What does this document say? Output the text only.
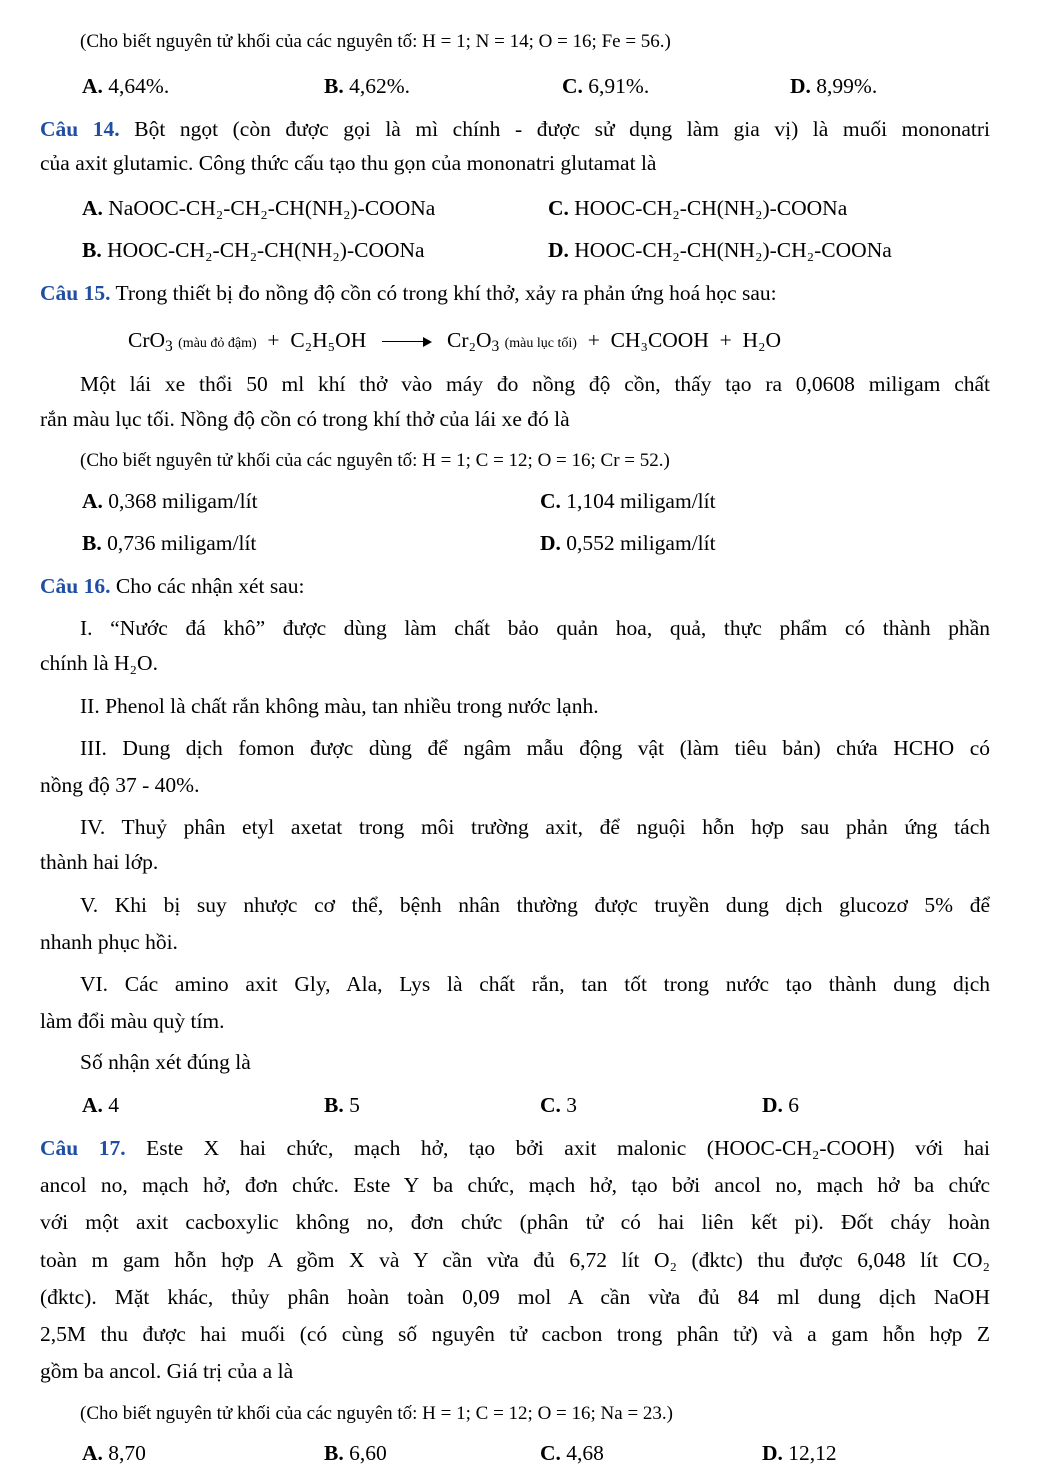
(Cho biết nguyên tử khối của các nguyên tố: H = 1; N = 14; O = 16; Fe = 56.)
A. 4,64%.	B. 4,62%.	C. 6,91%.	D. 8,99%.
Câu 14. Bột ngọt (còn được gọi là mì chính - được sử dụng làm gia vị) là muối mononatri
của axit glutamic. Công thức cấu tạo thu gọn của mononatri glutamat là
A. NaOOC-CH₂-CH₂-CH(NH₂)-COONa	C. HOOC-CH₂-CH(NH₂)-COONa
B. HOOC-CH₂-CH₂-CH(NH₂)-COONa	D. HOOC-CH₂-CH(NH₂)-CH₂-COONa
Câu 15. Trong thiết bị đo nồng độ cồn có trong khí thở, xảy ra phản ứng hoá học sau:
CrO$_3$ (màu đỏ đậm) + C₂H₅OH	$Cr_2O_3$ (màu lục tối) + CH₃COOH + H₂O
Một lái xe thổi 50 ml khí thở vào máy đo nồng độ cồn, thấy tạo ra 0,0608 miligam chất
rắn màu lục tối. Nồng độ cồn có trong khí thở của lái xe đó là
(Cho biết nguyên tử khối của các nguyên tố: H = 1; C = 12; O = 16; Cr = 52.)
A. 0,368 miligam/lít	C. 1,104 miligam/lít
B. 0,736 miligam/lít	D. 0,552 miligam/lít
Câu 16. Cho các nhận xét sau:
I. “Nước đá khô” được dùng làm chất bảo quản hoa, quả, thực phẩm có thành phần
chính là H₂O.
II. Phenol là chất rắn không màu, tan nhiều trong nước lạnh.
III. Dung dịch fomon được dùng để ngâm mẫu động vật (làm tiêu bản) chứa HCHO có
nồng độ 37 - 40%.
IV. Thuỷ phân etyl axetat trong môi trường axit, để nguội hỗn hợp sau phản ứng tách
thành hai lớp.
V. Khi bị suy nhược cơ thể, bệnh nhân thường được truyền dung dịch glucozơ 5% để
nhanh phục hồi.
VI. Các amino axit Gly, Ala, Lys là chất rắn, tan tốt trong nước tạo thành dung dịch
làm đổi màu quỳ tím.
Số nhận xét đúng là
A. 4	B. 5	C. 3	D. 6
Câu 17. Este X hai chức, mạch hở, tạo bởi axit malonic (HOOC-CH₂-COOH) với hai
ancol no, mạch hở, đơn chức. Este Y ba chức, mạch hở, tạo bởi ancol no, mạch hở ba chức
với một axit cacboxylic không no, đơn chức (phân tử có hai liên kết pi). Đốt cháy hoàn
toàn m gam hỗn hợp A gồm X và Y cần vừa đủ 6,72 lít O₂ (đktc) thu được 6,048 lít CO₂
(đktc). Mặt khác, thủy phân hoàn toàn 0,09 mol A cần vừa đủ 84 ml dung dịch NaOH
2,5M thu được hai muối (có cùng số nguyên tử cacbon trong phân tử) và a gam hỗn hợp Z
gồm ba ancol. Giá trị của a là
(Cho biết nguyên tử khối của các nguyên tố: H = 1; C = 12; O = 16; Na = 23.)
A. 8,70	B. 6,60	C. 4,68	D. 12,12
